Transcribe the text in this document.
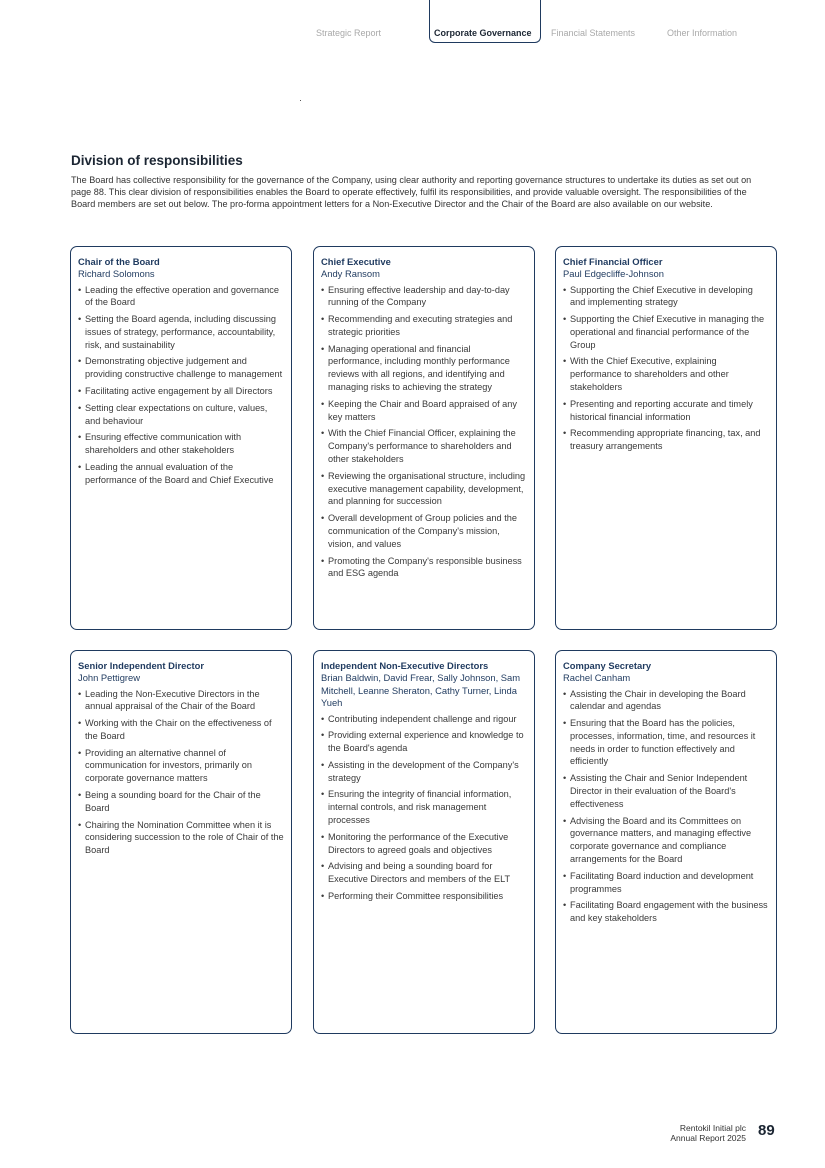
Strategic Report	Corporate Governance	Financial Statements	Other Information
Division of responsibilities

The Board has collective responsibility for the governance of the Company, using clear authority and reporting governance structures to undertake its duties as set out on page 88. This clear division of responsibilities enables the Board to operate effectively, fulfil its responsibilities, and provide valuable oversight. The responsibilities of the Board members are set out below. The pro-forma appointment letters for a Non-Executive Director and the Chair of the Board are also available on our website.

Chair of the Board

Richard Solomons

• Leading the effective operation and governance of the Board
• Setting the Board agenda, including discussing issues of strategy, performance, accountability, risk, and sustainability
• Demonstrating objective judgement and providing constructive challenge to management
• Facilitating active engagement by all Directors
• Setting clear expectations on culture, values, and behaviour
• Ensuring effective communication with shareholders and other stakeholders
• Leading the annual evaluation of the performance of the Board and Chief Executive

Chief Executive

Andy Ransom

• Ensuring effective leadership and day-to-day running of the Company
• Recommending and executing strategies and strategic priorities
• Managing operational and financial performance, including monthly performance reviews with all regions, and identifying and managing risks to achieving the strategy
• Keeping the Chair and Board appraised of any key matters
• With the Chief Financial Officer, explaining the Company's performance to shareholders and other stakeholders
• Reviewing the organisational structure, including executive management capability, development, and planning for succession
• Overall development of Group policies and the communication of the Company's mission, vision, and values
• Promoting the Company's responsible business and ESG agenda

Chief Financial Officer

Paul Edgecliffe-Johnson

• Supporting the Chief Executive in developing and implementing strategy
• Supporting the Chief Executive in managing the operational and financial performance of the Group
• With the Chief Executive, explaining performance to shareholders and other stakeholders
• Presenting and reporting accurate and timely historical financial information
• Recommending appropriate financing, tax, and treasury arrangements

Senior Independent Director

John Pettigrew

• Leading the Non-Executive Directors in the annual appraisal of the Chair of the Board
• Working with the Chair on the effectiveness of the Board
• Providing an alternative channel of communication for investors, primarily on corporate governance matters
• Being a sounding board for the Chair of the Board
• Chairing the Nomination Committee when it is considering succession to the role of Chair of the Board

Independent Non-Executive Directors

Brian Baldwin, David Frear, Sally Johnson, Sam Mitchell, Leanne Sheraton, Cathy Turner, Linda Yueh

• Contributing independent challenge and rigour
• Providing external experience and knowledge to the Board's agenda
• Assisting in the development of the Company's strategy
• Ensuring the integrity of financial information, internal controls, and risk management processes
• Monitoring the performance of the Executive Directors to agreed goals and objectives
• Advising and being a sounding board for Executive Directors and members of the ELT
• Performing their Committee responsibilities

Company Secretary

Rachel Canham

• Assisting the Chair in developing the Board calendar and agendas
• Ensuring that the Board has the policies, processes, information, time, and resources it needs in order to function effectively and efficiently
• Assisting the Chair and Senior Independent Director in their evaluation of the Board's effectiveness
• Advising the Board and its Committees on governance matters, and managing effective corporate governance and compliance arrangements for the Board
• Facilitating Board induction and development programmes
• Facilitating Board engagement with the business and key stakeholders
Rentokil Initial plc
Annual Report 2025 89
